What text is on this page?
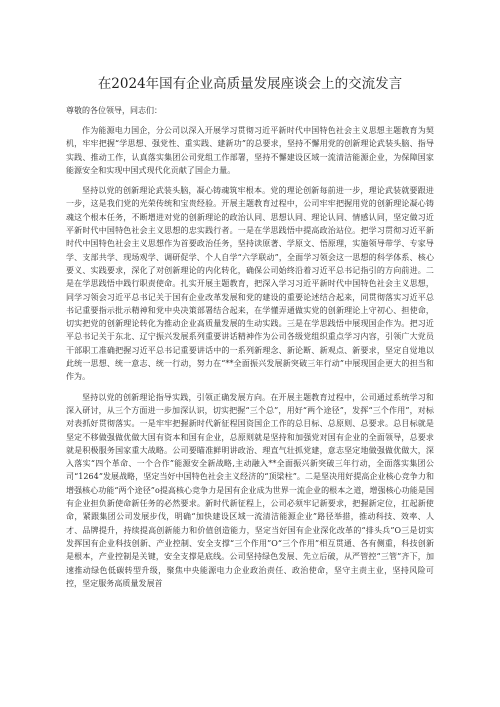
在2024年国有企业高质量发展座谈会上的交流发言
尊敬的各位领导，同志们：

作为能源电力国企，分公司以深入开展学习贯彻习近平新时代中国特色社会主义思想主题教育为契机，牢牢把握“学思想、强党性、重实践、建新功”的总要求，坚持不懈用党的创新理论武装头脑、指导实践、推动工作，认真落实集团公司党组工作部署，坚持不懈建设区域一流清洁能源企业，为保障国家能源安全和实现中国式现代化贡献了国企力量。

坚持以党的创新理论武装头脑，凝心铸魂筑牢根本。党的理论创新每前进一步，理论武装就要跟进一步，这是我们党的光荣传统和宝贵经验。开展主题教育过程中，公司牢牢把握用党的创新理论凝心铸魂这个根本任务，不断增进对党的创新理论的政治认同、思想认同、理论认同、情感认同，坚定做习近平新时代中国特色社会主义思想的忠实践行者。一是在学思践悟中提高政治站位。把学习贯彻习近平新时代中国特色社会主义思想作为首要政治任务，坚持读原著、学原文、悟原理，实施领导带学、专家导学、支部共学、现场观学、调研促学、个人自学“六学联动”，全面学习领会这一思想的科学体系、核心要义、实践要求，深化了对创新理论的内化转化，确保公司始终沿着习近平总书记指引的方向前进。二是在学思践悟中践行职责使命。扎实开展主题教育，把深入学习习近平新时代中国特色社会主义思想，同学习领会习近平总书记关于国有企业改革发展和党的建设的重要论述结合起来，同贯彻落实习近平总书记重要指示批示精神和党中央决策部署结合起来，在学懂弄通做实党的创新理论上守初心、担使命，切实把党的创新理论转化为推动企业高质量发展的生动实践。三是在学思践悟中展现国企作为。把习近平总书记关于东北、辽宁振兴发展系列重要讲话精神作为公司各级党组织重点学习内容，引领广大党员干部职工准确把握习近平总书记重要讲话中的一系列新理念、新论断、新观点、新要求，坚定自觉地以此统一思想、统一意志、统一行动，努力在“**全面振兴发展新突破三年行动”中展现国企更大的担当和作为。

坚持以党的创新理论指导实践，引领正确发展方向。在开展主题教育过程中，公司通过系统学习和深入研讨，从三个方面进一步加深认识，切实把握“三个总”，用好“两个途径”，发挥“三个作用”，对标对表抓好贯彻落实。一是牢牢把握新时代新征程国资国企工作的总目标、总原则、总要求。总目标就是坚定不移做强做优做大国有资本和国有企业，总原则就是坚持和加强党对国有企业的全面领导，总要求就是积极服务国家重大战略。公司要瞄准鲜明讲政治、理直气壮抓党建，意志坚定地做强做优做大，深入落实“四个革命、一个合作”能源安全新战略,主动融入**全面振兴新突破三年行动，全面落实集团公司“1264”发展战略，坚定当好中国特色社会主义经济的“顶梁柱”。二是坚决用好提高企业核心竞争力和增强核心功能“两个途径”o提高核心竞争力是国有企业成为世界一流企业的根本之道，增强核心功能是国有企业担负新使命新任务的必然要求。新时代新征程上，公司必须牢记新要求，把握新定位，扛起新使命，紧跟集团公司发展步伐，明确“加快建设区域一流清洁能源企业”路径举措，推动科技、效率、人才、品牌提升，持续提高创新能力和价值创造能力，坚定当好国有企业深化改革的“排头兵”O三是切实发挥国有企业科技创新、产业控制、安全支撑“三个作用”O“三个作用”相互贯通、各有侧重，科技创新是根本，产业控制是关键，安全支撑是底线。公司坚持绿色发展、先立后破，从严管控“三管”齐下，加速推动绿色低碳转型升级，聚焦中央能源电力企业政治责任、政治使命，坚守主责主业，坚持风险可控，坚定服务高质量发展首
